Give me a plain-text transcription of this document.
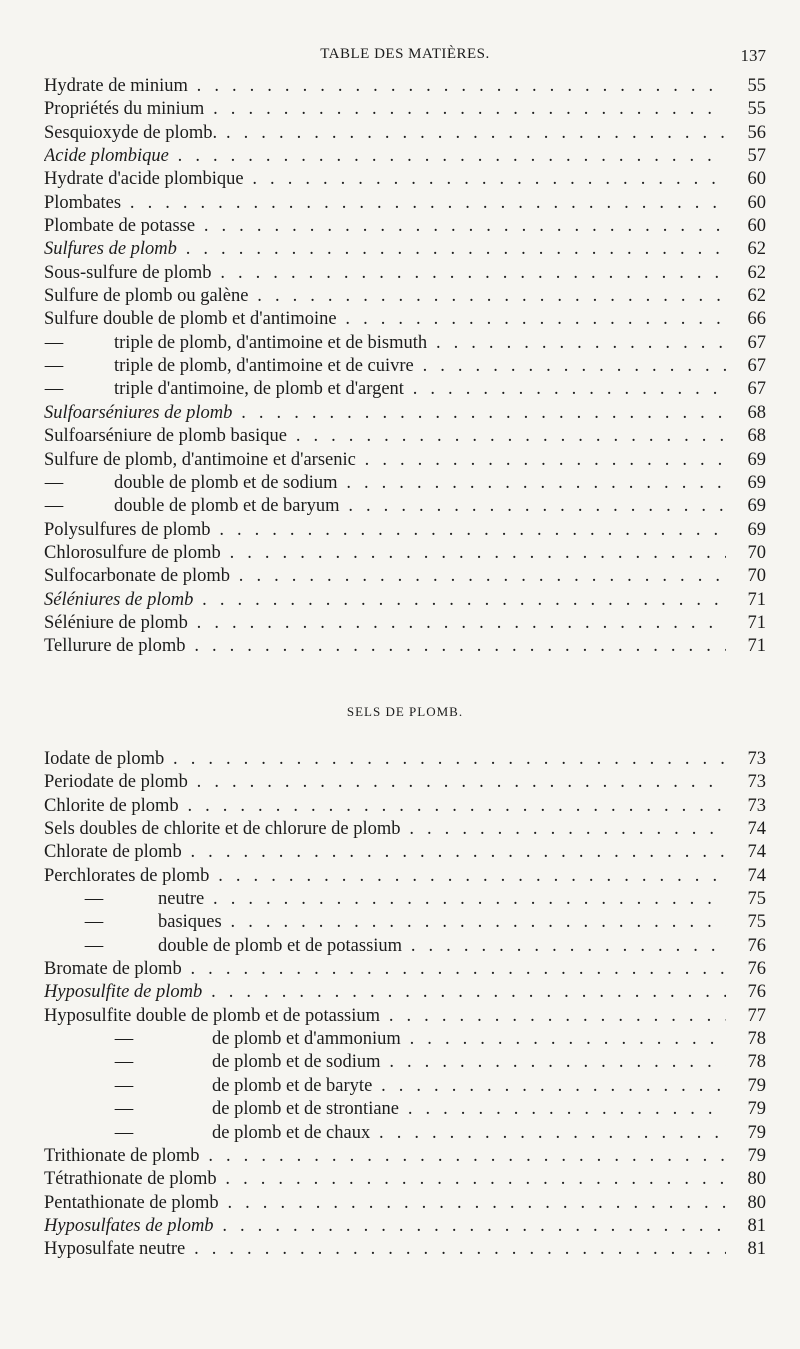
TABLE DES MATIÈRES.	137
Hydrate de minium . . .	55
Propriétés du minium . . .	55
Sesquioxyde de plomb. . . .	56
Acide plombique . . .	57
Hydrate d'acide plombique . . .	60
Plombates . . .	60
Plombate de potasse . . .	60
Sulfures de plomb . . .	62
Sous-sulfure de plomb . . .	62
Sulfure de plomb ou galène . . .	62
Sulfure double de plomb et d'antimoine . . .	66
—	triple de plomb, d'antimoine et de bismuth . . .	67
—	triple de plomb, d'antimoine et de cuivre . . .	67
—	triple d'antimoine, de plomb et d'argent . . .	67
Sulfoarséniures de plomb . . .	68
Sulfoarséniure de plomb basique . . .	68
Sulfure de plomb, d'antimoine et d'arsenic . . .	69
—	double de plomb et de sodium . . .	69
—	double de plomb et de baryum . . .	69
Polysulfures de plomb . . .	69
Chlorosulfure de plomb . . .	70
Sulfocarbonate de plomb . . .	70
Séléniures de plomb . . .	71
Séléniure de plomb . . .	71
Tellurure de plomb . . .	71
SELS DE PLOMB.
Iodate de plomb . . .	73
Periodate de plomb . . .	73
Chlorite de plomb . . .	73
Sels doubles de chlorite et de chlorure de plomb . . .	74
Chlorate de plomb . . .	74
Perchlorates de plomb . . .	74
—	neutre . . .	75
—	basiques . . .	75
—	double de plomb et de potassium . . .	76
Bromate de plomb . . .	76
Hyposulfite de plomb . . .	76
Hyposulfite double de plomb et de potassium . . .	77
—	de plomb et d'ammonium . . .	78
—	de plomb et de sodium . . .	78
—	de plomb et de baryte . . .	79
—	de plomb et de strontiane . . .	79
—	de plomb et de chaux . . .	79
Trithionate de plomb . . .	79
Tétrathionate de plomb . . .	80
Pentathionate de plomb . . .	80
Hyposulfates de plomb . . .	81
Hyposulfate neutre . . .	81
